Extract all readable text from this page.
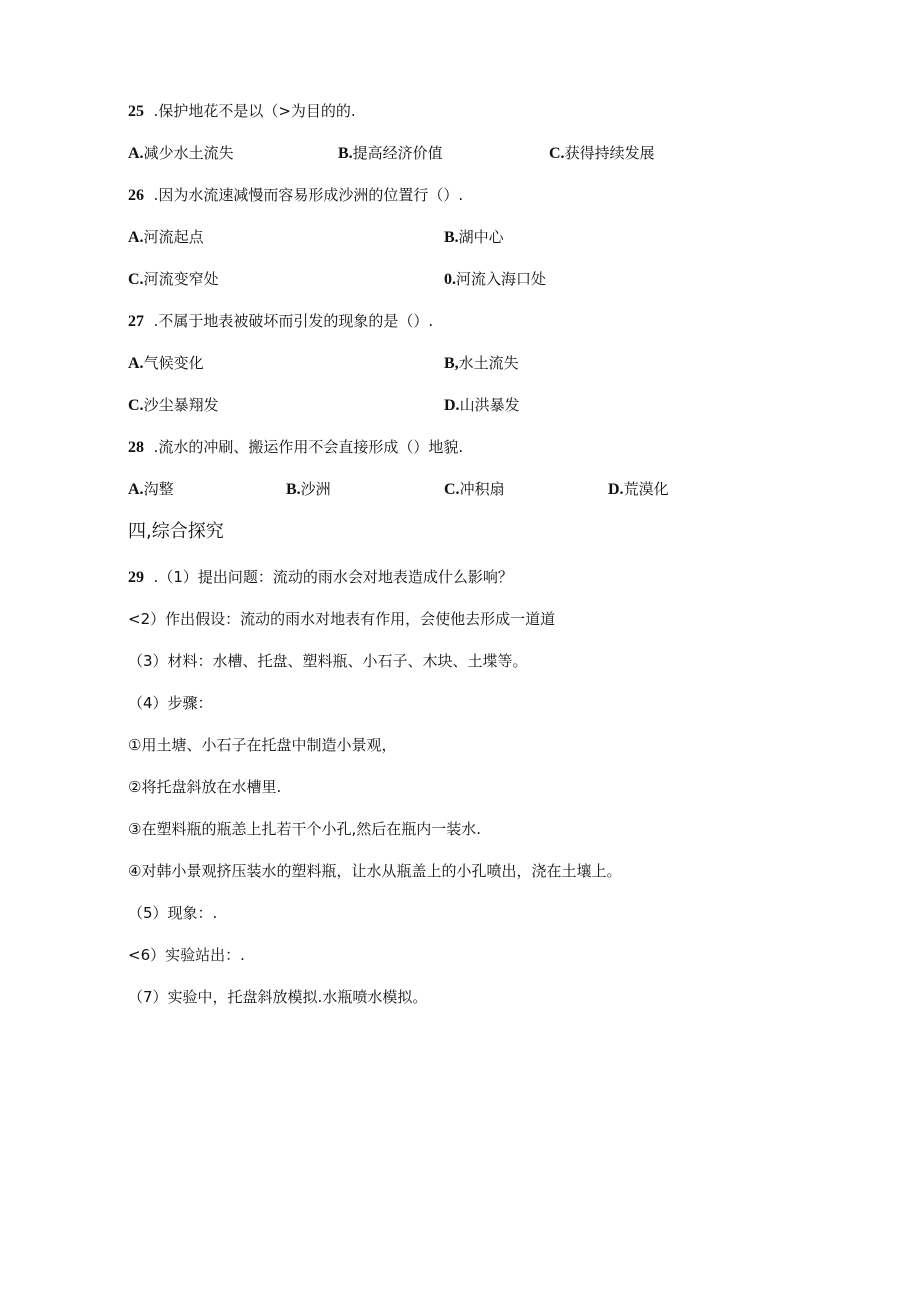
25 .保护地花不是以（>为目的的.
A.减少水土流失	B.提高经济价值	C.获得持续发展
26 .因为水流速减慢而容易形成沙洲的位置行（）.
A.河流起点	B.湖中心
C.河流变窄处	0.河流入海口处
27 .不属于地表被破坏而引发的现象的是（）.
A.气候变化	B,水土流失
C.沙尘暴翔发	D.山洪暴发
28 .流水的冲刷、搬运作用不会直接形成（）地貌.
A.沟整	B.沙洲	C.冲积扇	D.荒漠化
四,综合探究
29 .（1）提出问题：流动的雨水会对地表造成什么影响？
<2）作出假设：流动的雨水对地表有作用，会使他去形成一道道
（3）材料：水槽、托盘、塑料瓶、小石子、木块、土堞等。
（4）步骤：
①用土塘、小石子在托盘中制造小景观，
②将托盘斜放在水槽里.
③在塑料瓶的瓶恙上扎若干个小孔,然后在瓶内一装水.
④对韩小景观挤压装水的塑料瓶，让水从瓶盖上的小孔喷出，浇在土壤上。
（5）现象：.
<6）实验站出：.
（7）实验中，托盘斜放模拟.水瓶喷水模拟。
